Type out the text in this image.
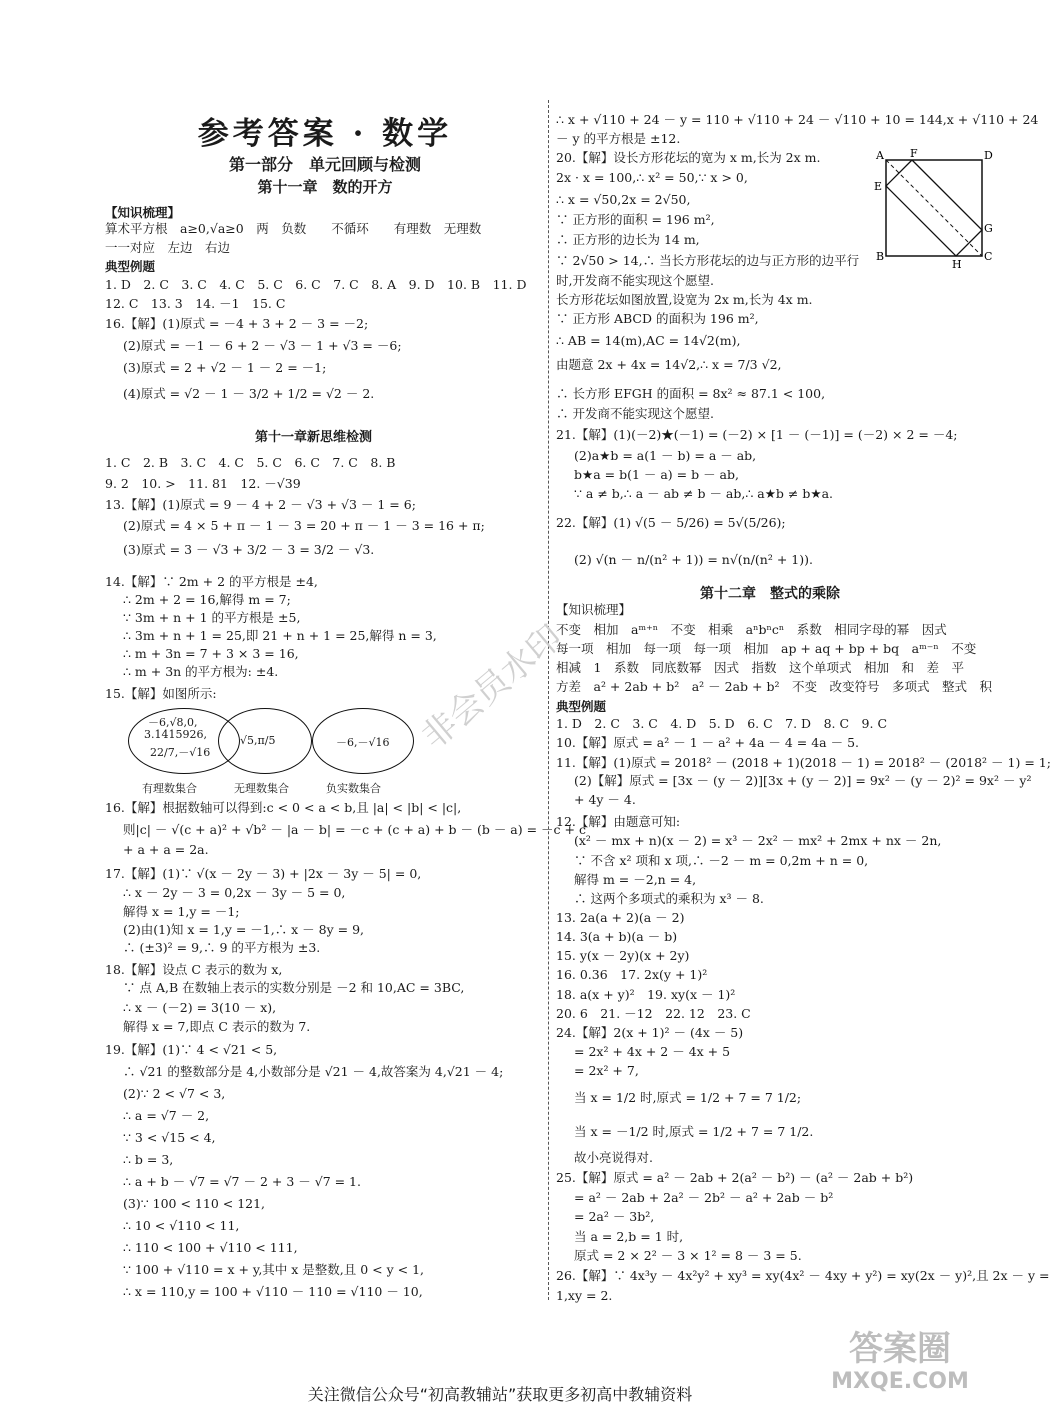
参考答案 · 数学
第一部分　单元回顾与检测
第十一章　数的开方
【知识梳理】
算术平方根　a≥0,√a≥0　两　负数　　不循环　　有理数　无理数
一一对应　左边　右边
典型例题
1. D　2. C　3. C　4. C　5. C　6. C　7. C　8. A　9. D　10. B　11. D
12. C　13. 3　14. －1　15. C
16.【解】(1)原式 = －4 + 3 + 2 － 3 = －2;
(2)原式 = －1 － 6 + 2 － √3 － 1 + √3 = －6;
(3)原式 = 2 + √2 － 1 － 2 = －1;
(4)原式 = √2 － 1 － 3/2 + 1/2 = √2 － 2.
1. C　2. B　3. C　4. C　5. C　6. C　7. C　8. B
9. 2　10. >　11. 81　12. －√39
13.【解】(1)原式 = 9 － 4 + 2 － √3 + √3 － 1 = 6;
(2)原式 = 4 × 5 + π － 1 － 3 = 20 + π － 1 － 3 = 16 + π;
(3)原式 = 3 － √3 + 3/2 － 3 = 3/2 － √3.
14.【解】∵ 2m + 2 的平方根是 ±4,
∴ 2m + 2 = 16,解得 m = 7;
∵ 3m + n + 1 的平方根是 ±5,
∴ 3m + n + 1 = 25,即 21 + n + 1 = 25,解得 n = 3,
∴ m + 3n = 7 + 3 × 3 = 16,
∴ m + 3n 的平方根为: ±4.
15.【解】如图所示:
16.【解】根据数轴可以得到:c < 0 < a < b,且 |a| < |b| < |c|,
则|c| － √(c + a)² + √b² － |a － b| = －c + (c + a) + b － (b － a) = －c + c
+ a + a = 2a.
17.【解】(1)∵ √(x － 2y － 3) + |2x － 3y － 5| = 0,
∴ x － 2y － 3 = 0,2x － 3y － 5 = 0,
解得 x = 1,y = －1;
(2)由(1)知 x = 1,y = －1,∴ x － 8y = 9,
∴ (±3)² = 9,∴ 9 的平方根为 ±3.
18.【解】设点 C 表示的数为 x,
∵ 点 A,B 在数轴上表示的实数分别是 －2 和 10,AC = 3BC,
∴ x － (－2) = 3(10 － x),
解得 x = 7,即点 C 表示的数为 7.
19.【解】(1)∵ 4 < √21 < 5,
∴ √21 的整数部分是 4,小数部分是 √21 － 4,故答案为 4,√21 － 4;
(2)∵ 2 < √7 < 3,
∴ a = √7 － 2,
∵ 3 < √15 < 4,
∴ b = 3,
∴ a + b － √7 = √7 － 2 + 3 － √7 = 1.
(3)∵ 100 < 110 < 121,
∴ 10 < √110 < 11,
∴ 110 < 100 + √110 < 111,
∵ 100 + √110 = x + y,其中 x 是整数,且 0 < y < 1,
∴ x = 110,y = 100 + √110 － 110 = √110 － 10,
第十一章新思维检测
－6,√8,0,
3.1415926,
22/7,－√16
√5,π/5	－6,－√16
有理数集合	无理数集合	负实数集合
∴ x + √110 + 24 － y = 110 + √110 + 24 － √110 + 10 = 144,x + √110 + 24
－ y 的平方根是 ±12.
20.【解】设长方形花坛的宽为 x m,长为 2x m.
2x · x = 100,∴ x² = 50,∵ x > 0,
∴ x = √50,2x = 2√50,
∵ 正方形的面积 = 196 m²,
∴ 正方形的边长为 14 m,
∵ 2√50 > 14,∴ 当长方形花坛的边与正方形的边平行
时,开发商不能实现这个愿望.
长方形花坛如图放置,设宽为 2x m,长为 4x m.
∵ 正方形 ABCD 的面积为 196 m²,
∴ AB = 14(m),AC = 14√2(m),
由题意 2x + 4x = 14√2,∴ x = 7/3 √2,
∴ 长方形 EFGH 的面积 = 8x² ≈ 87.1 < 100,
∴ 开发商不能实现这个愿望.
21.【解】(1)(－2)★(－1) = (－2) × [1 － (－1)] = (－2) × 2 = －4;
(2)a★b = a(1 － b) = a － ab,
b★a = b(1 － a) = b － ab,
∵ a ≠ b,∴ a － ab ≠ b － ab,∴ a★b ≠ b★a.
22.【解】(1) √(5 － 5/26) = 5√(5/26);
(2) √(n － n/(n² + 1)) = n√(n/(n² + 1)).
【知识梳理】
不变　相加　aᵐ⁺ⁿ　不变　相乘　aⁿbⁿcⁿ　系数　相同字母的幂　因式
每一项　相加　每一项　每一项　相加　ap + aq + bp + bq　aᵐ⁻ⁿ　不变
相减　1　系数　同底数幂　因式　指数　这个单项式　相加　和　差　平
方差　a² + 2ab + b²　a² － 2ab + b²　不变　改变符号　多项式　整式　积
典型例题
1. D　2. C　3. C　4. D　5. D　6. C　7. D　8. C　9. C
10.【解】原式 = a² － 1 － a² + 4a － 4 = 4a － 5.
11.【解】(1)原式 = 2018² － (2018 + 1)(2018 － 1) = 2018² － (2018² － 1) = 1;
(2)【解】原式 = [3x － (y － 2)][3x + (y － 2)] = 9x² － (y － 2)² = 9x² － y²
+ 4y － 4.
12.【解】由题意可知:
(x² － mx + n)(x － 2) = x³ － 2x² － mx² + 2mx + nx － 2n,
∵ 不含 x² 项和 x 项,∴ －2 － m = 0,2m + n = 0,
解得 m = －2,n = 4,
∴ 这两个多项式的乘积为 x³ － 8.
13. 2a(a + 2)(a － 2)
14. 3(a + b)(a － b)
15. y(x － 2y)(x + 2y)
16. 0.36　17. 2x(y + 1)²
18. a(x + y)²　19. xy(x － 1)²
20. 6　21. －12　22. 12　23. C
24.【解】2(x + 1)² － (4x － 5)
= 2x² + 4x + 2 － 4x + 5
= 2x² + 7,
当 x = 1/2 时,原式 = 1/2 + 7 = 7 1/2;
当 x = －1/2 时,原式 = 1/2 + 7 = 7 1/2.
故小亮说得对.
25.【解】原式 = a² － 2ab + 2(a² － b²) － (a² － 2ab + b²)
= a² － 2ab + 2a² － 2b² － a² + 2ab － b²
= 2a² － 3b²,
当 a = 2,b = 1 时,
原式 = 2 × 2² － 3 × 1² = 8 － 3 = 5.
26.【解】∵ 4x³y － 4x²y² + xy³ = xy(4x² － 4xy + y²) = xy(2x － y)²,且 2x － y =
1,xy = 2.
第十二章　整式的乘除
A F	D
E
G
B
H
C
非会员水印
答案圈
MXQE.COM
关注微信公众号“初高教辅站”获取更多初高中教辅资料
